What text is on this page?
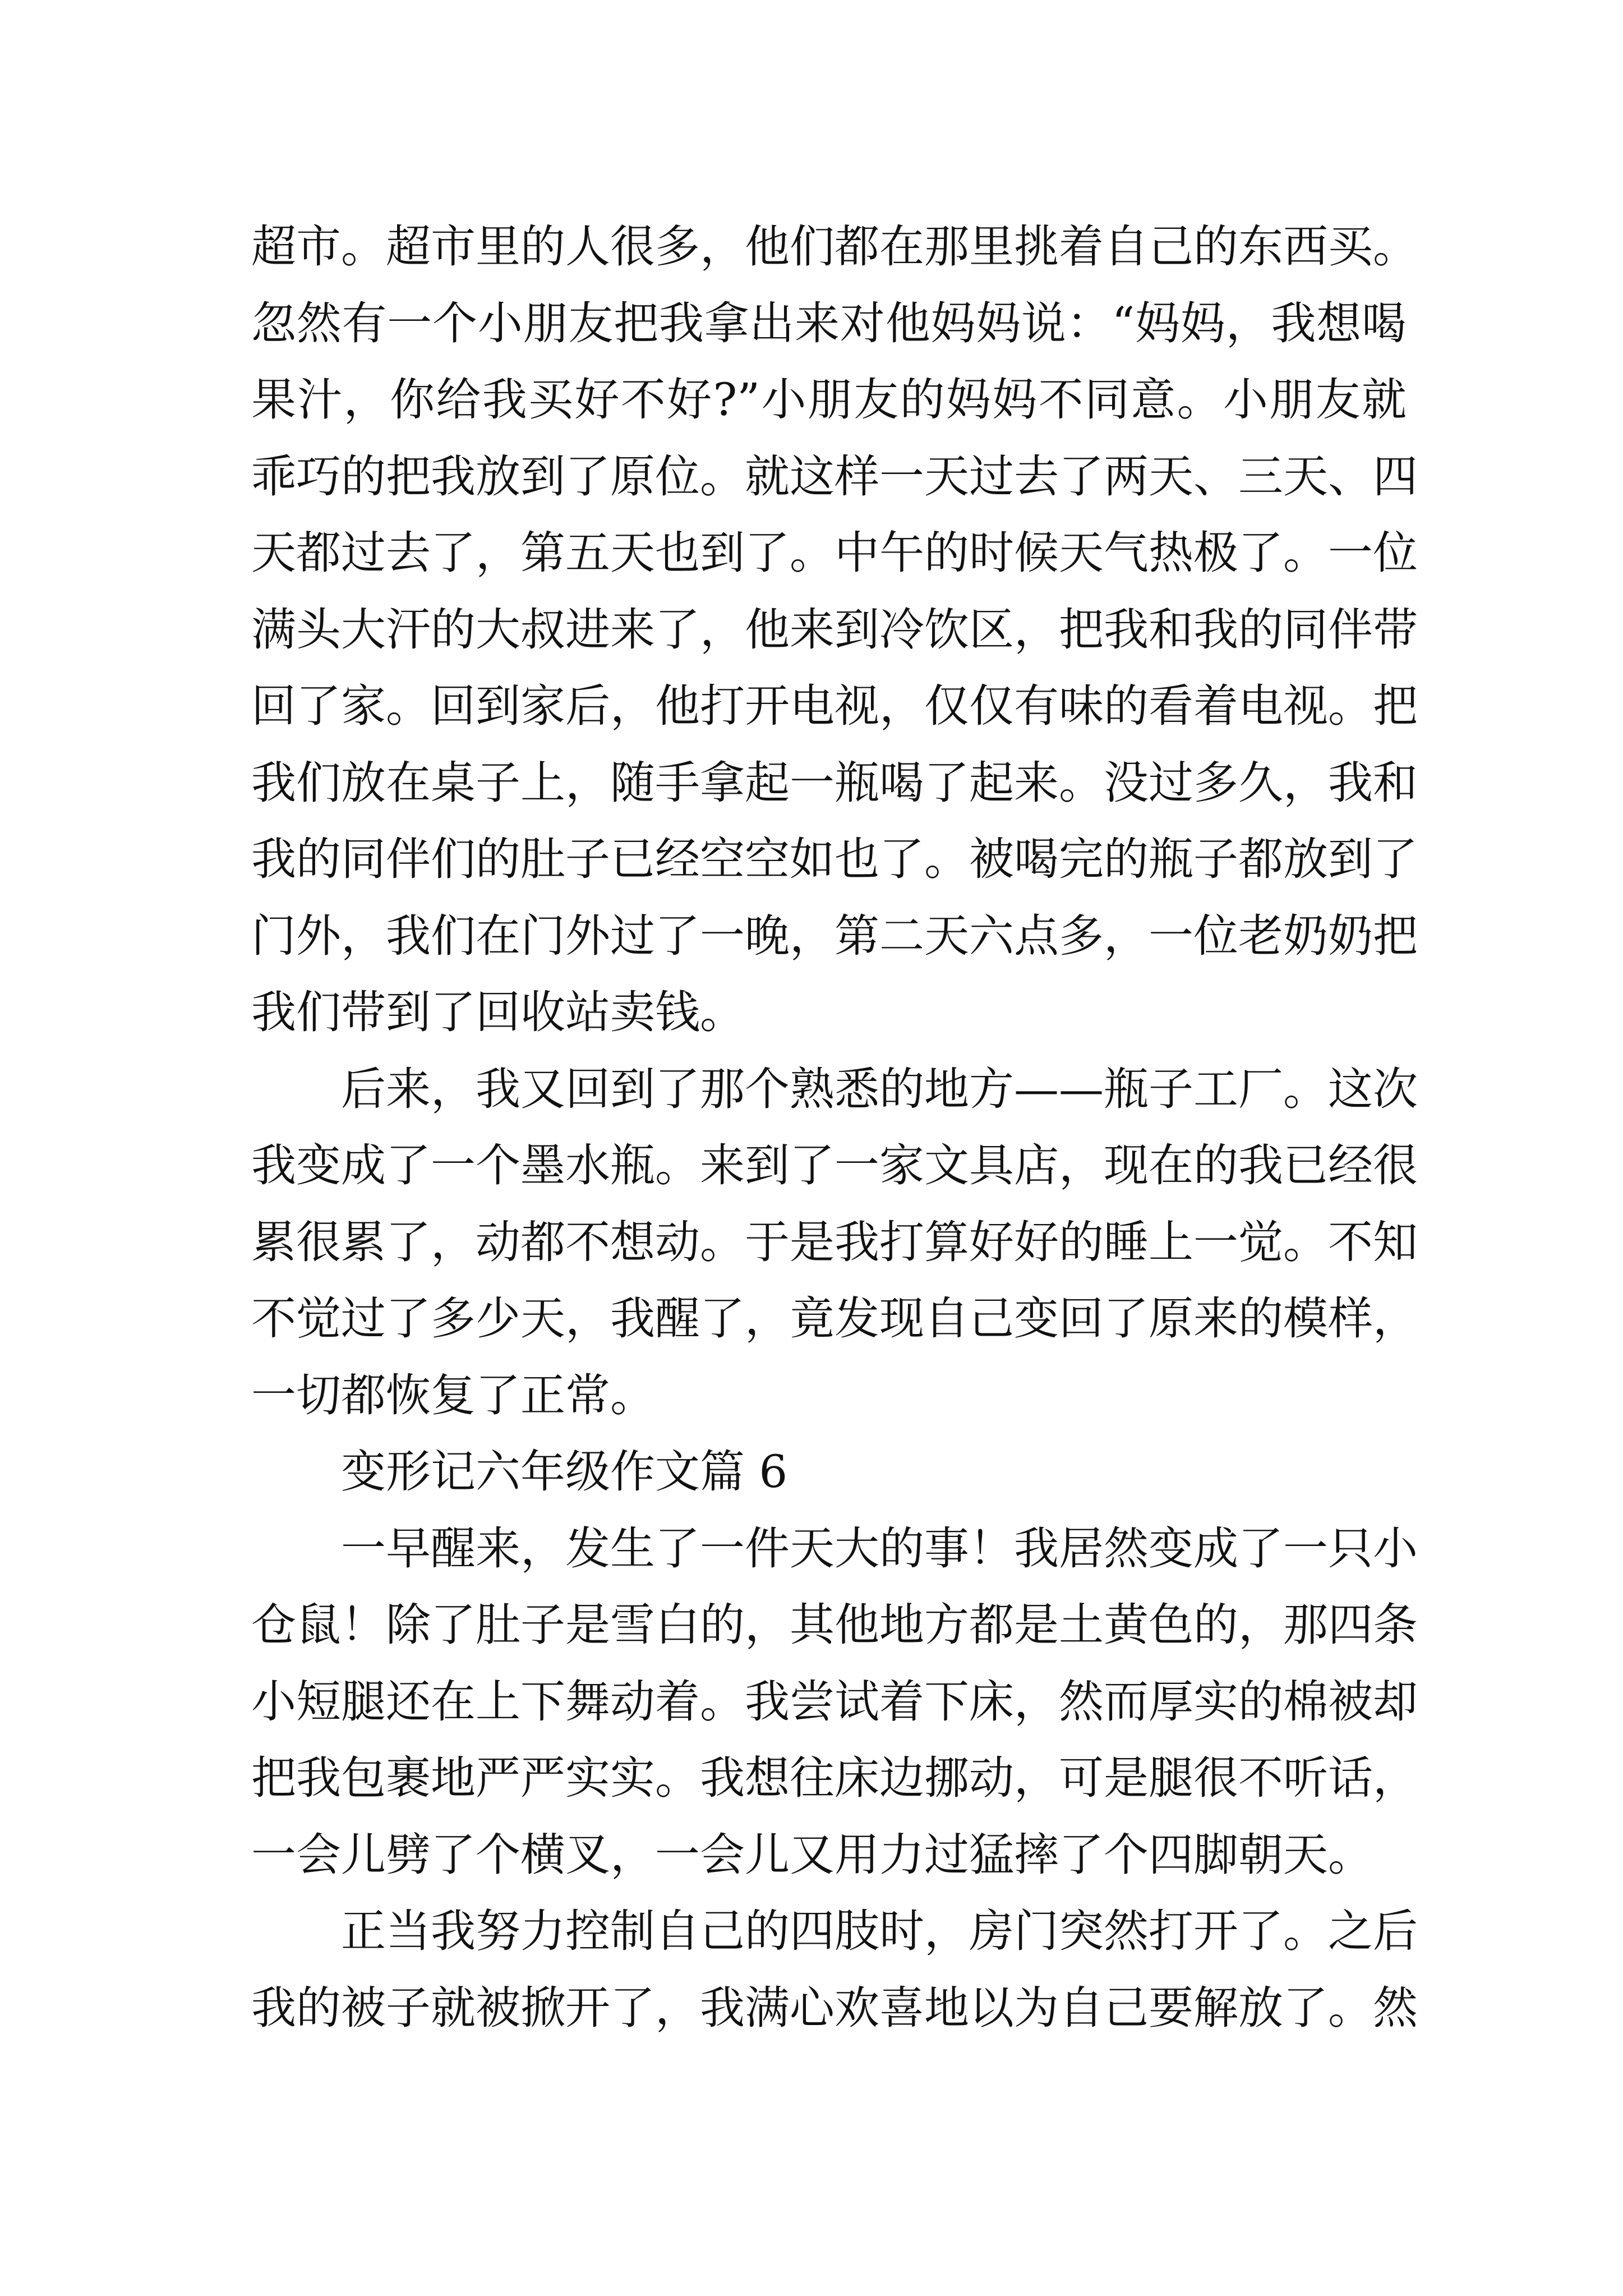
超市。超市里的人很多，他们都在那里挑着自己的东西买。
忽然有一个小朋友把我拿出来对他妈妈说：“妈妈，我想喝
果汁，你给我买好不好?”小朋友的妈妈不同意。小朋友就
乖巧的把我放到了原位。就这样一天过去了两天、三天、四
天都过去了，第五天也到了。中午的时候天气热极了。一位
满头大汗的大叔进来了，他来到冷饮区，把我和我的同伴带
回了家。回到家后，他打开电视，仅仅有味的看着电视。把
我们放在桌子上，随手拿起一瓶喝了起来。没过多久，我和
我的同伴们的肚子已经空空如也了。被喝完的瓶子都放到了
门外，我们在门外过了一晚，第二天六点多，一位老奶奶把
我们带到了回收站卖钱。
后来，我又回到了那个熟悉的地方——瓶子工厂。这次
我变成了一个墨水瓶。来到了一家文具店，现在的我已经很
累很累了，动都不想动。于是我打算好好的睡上一觉。不知
不觉过了多少天，我醒了，竟发现自己变回了原来的模样，
一切都恢复了正常。
变形记六年级作文篇 6
一早醒来，发生了一件天大的事！我居然变成了一只小
仓鼠！除了肚子是雪白的，其他地方都是土黄色的，那四条
小短腿还在上下舞动着。我尝试着下床，然而厚实的棉被却
把我包裹地严严实实。我想往床边挪动，可是腿很不听话，
一会儿劈了个横叉，一会儿又用力过猛摔了个四脚朝天。
正当我努力控制自己的四肢时，房门突然打开了。之后
我的被子就被掀开了，我满心欢喜地以为自己要解放了。然
